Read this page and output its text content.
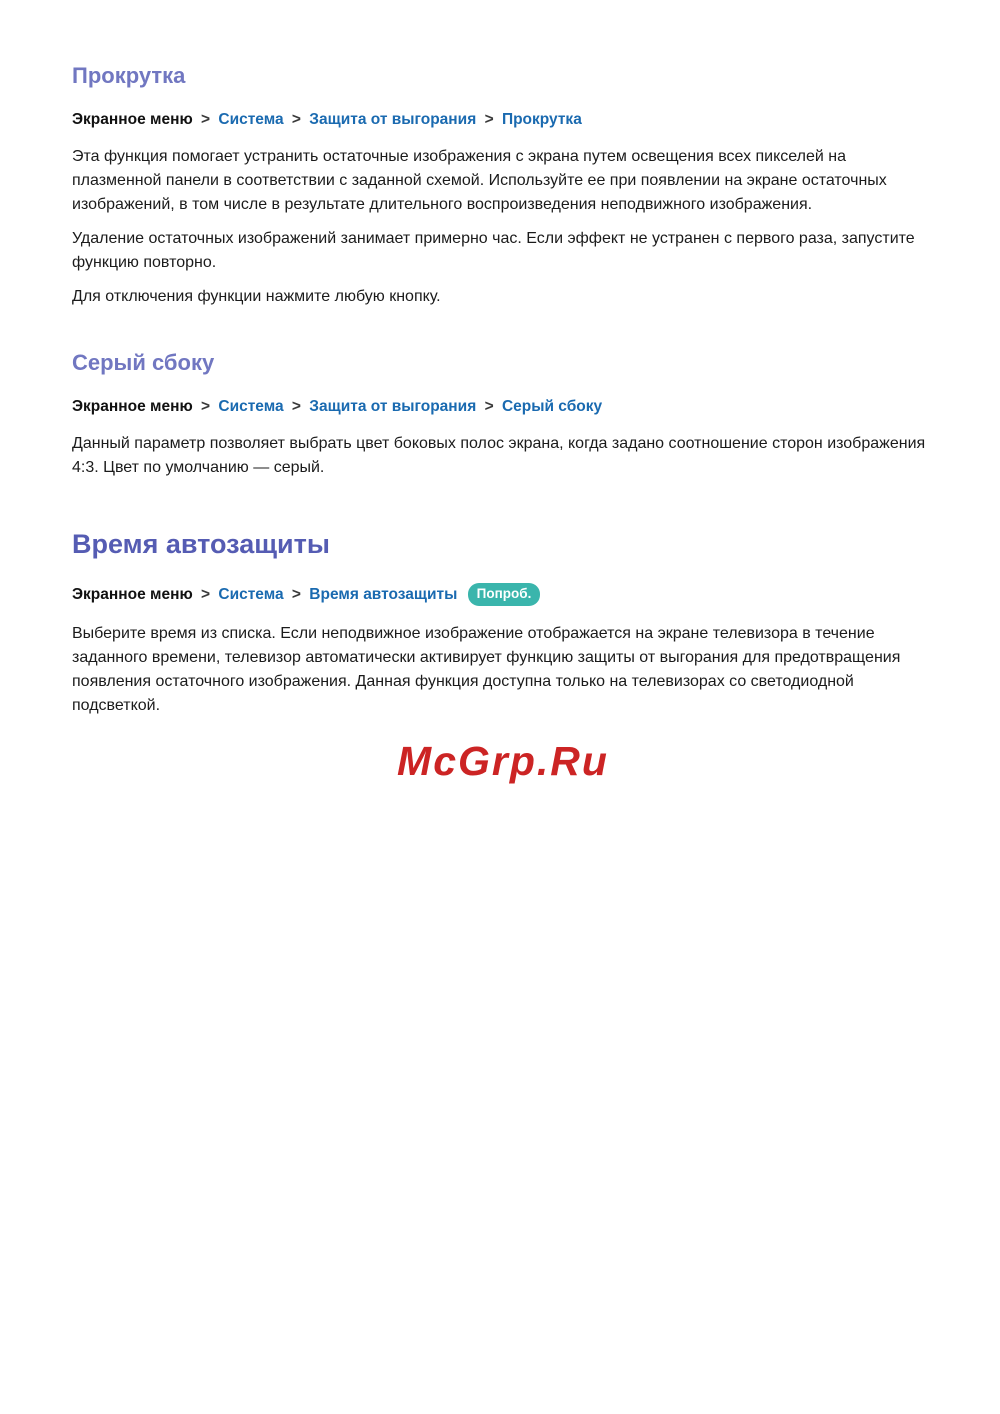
Прокрутка
Экранное меню > Система > Защита от выгорания > Прокрутка

Эта функция помогает устранить остаточные изображения с экрана путем освещения всех пикселей на плазменной панели в соответствии с заданной схемой. Используйте ее при появлении на экране остаточных изображений, в том числе в результате длительного воспроизведения неподвижного изображения.

Удаление остаточных изображений занимает примерно час. Если эффект не устранен с первого раза, запустите функцию повторно.

Для отключения функции нажмите любую кнопку.

Серый сбоку
Экранное меню > Система > Защита от выгорания > Серый сбоку

Данный параметр позволяет выбрать цвет боковых полос экрана, когда задано соотношение сторон изображения 4:3. Цвет по умолчанию — серый.

Время автозащиты
Экранное меню > Система > Время автозащиты Попроб.

Выберите время из списка. Если неподвижное изображение отображается на экране телевизора в течение заданного времени, телевизор автоматически активирует функцию защиты от выгорания для предотвращения появления остаточного изображения. Данная функция доступна только на телевизорах со светодиодной подсветкой.

McGrp.Ru
